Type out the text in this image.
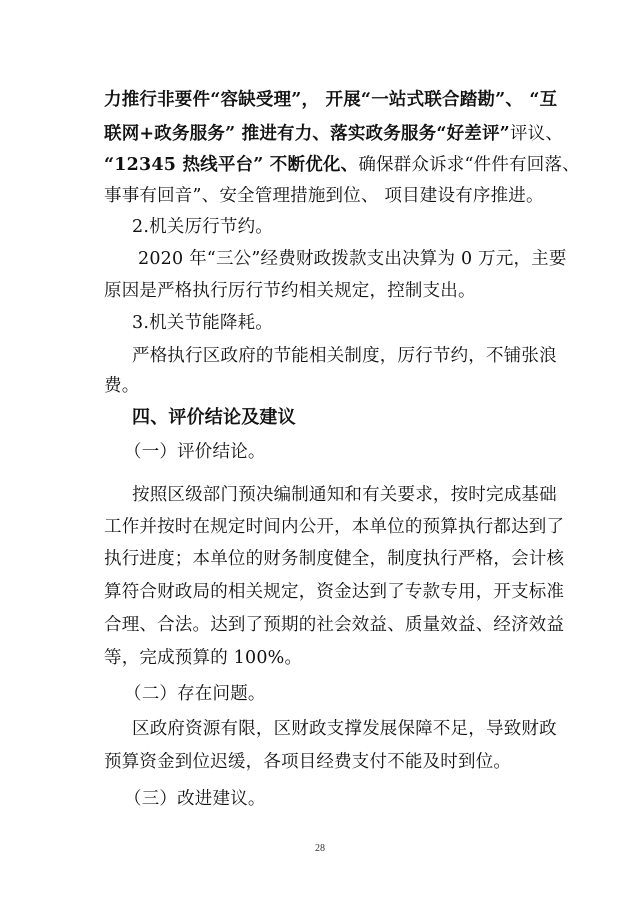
力推行非要件“容缺受理”， 开展“一站式联合踏勘”、 “互
联网+政务服务” 推进有力、落实政务服务“好差评”评议、
“12345 热线平台” 不断优化、确保群众诉求“件件有回落、
事事有回音”、安全管理措施到位、 项目建设有序推进。
2.机关厉行节约。
2020 年“三公”经费财政拨款支出决算为 0 万元，主要
原因是严格执行厉行节约相关规定，控制支出。
3.机关节能降耗。
严格执行区政府的节能相关制度，厉行节约，不铺张浪
费。
四、评价结论及建议
（一）评价结论。
按照区级部门预决编制通知和有关要求，按时完成基础
工作并按时在规定时间内公开，本单位的预算执行都达到了
执行进度；本单位的财务制度健全，制度执行严格，会计核
算符合财政局的相关规定，资金达到了专款专用，开支标准
合理、合法。达到了预期的社会效益、质量效益、经济效益
等，完成预算的 100%。
（二）存在问题。
区政府资源有限，区财政支撑发展保障不足，导致财政
预算资金到位迟缓，各项目经费支付不能及时到位。
（三）改进建议。
28
